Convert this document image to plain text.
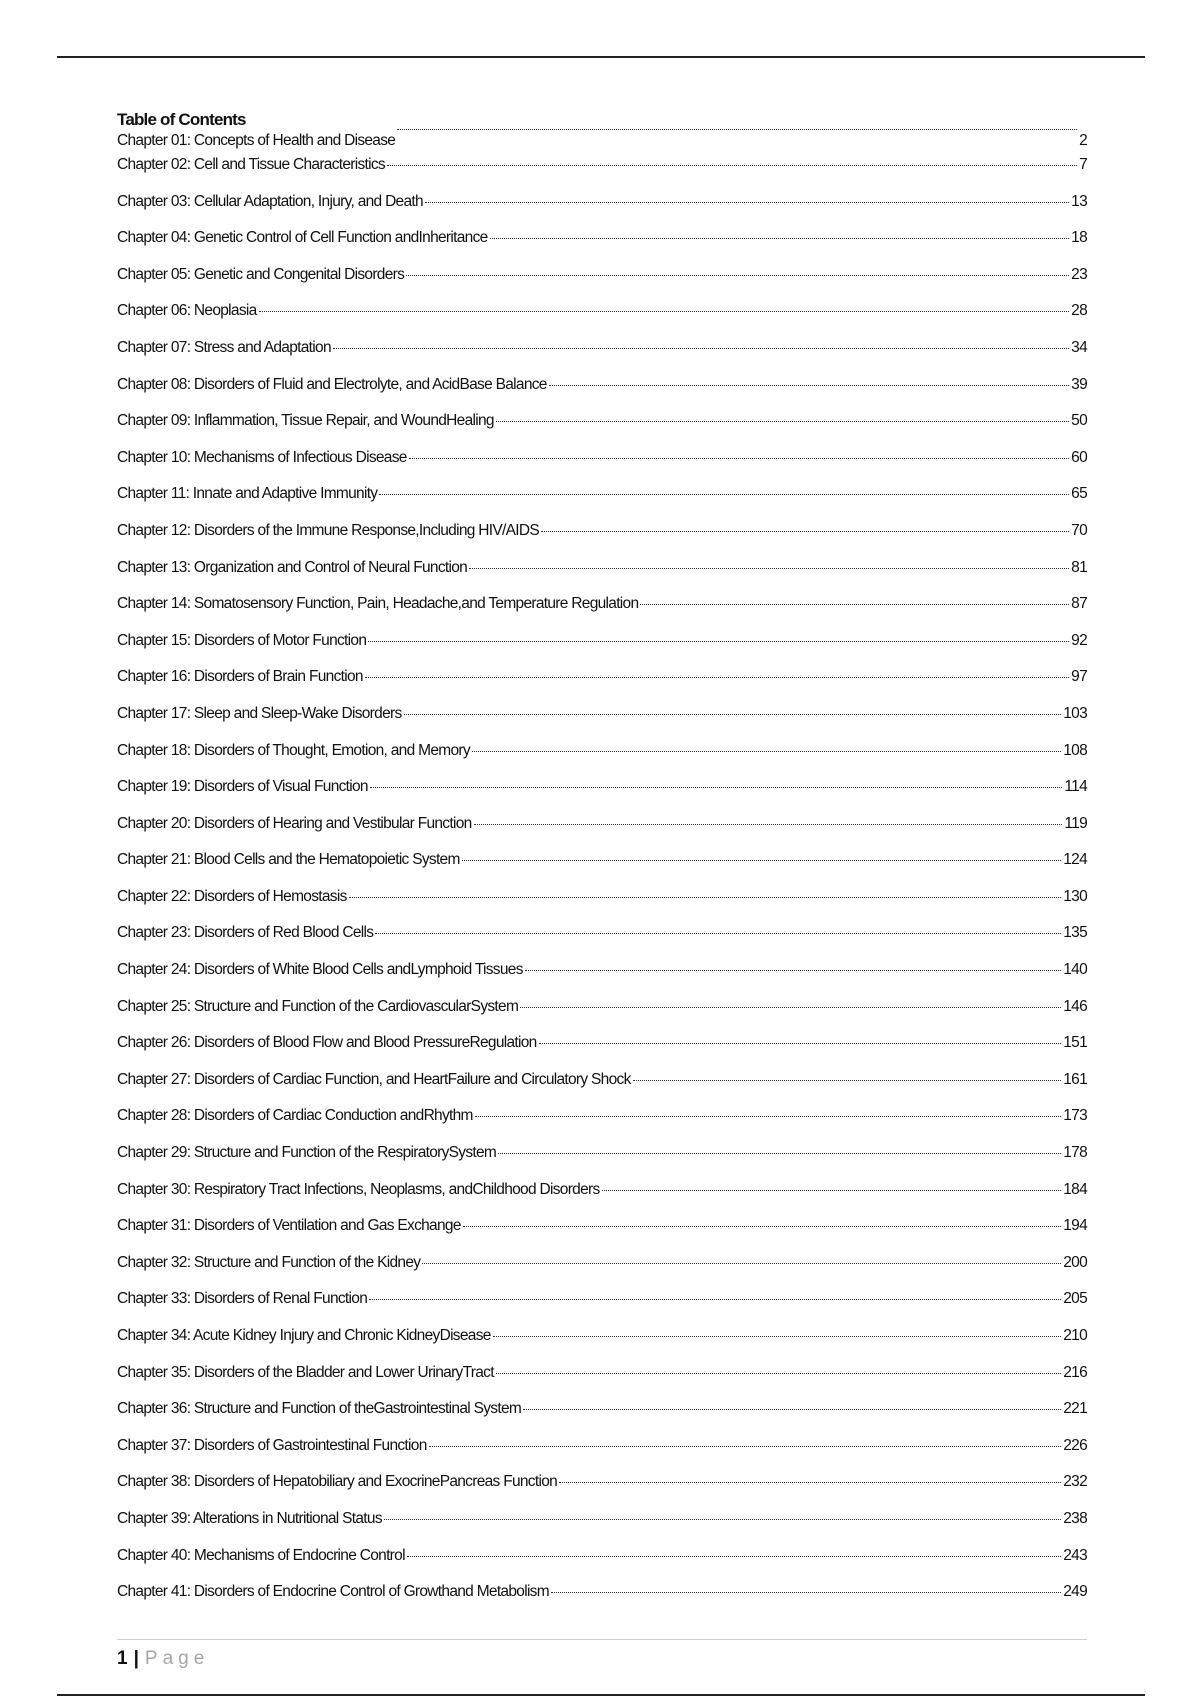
Table of Contents
Chapter 01: Concepts of Health and Disease	2
Chapter 02: Cell and Tissue Characteristics	7
Chapter 03: Cellular Adaptation, Injury, and Death	13
Chapter 04: Genetic Control of Cell Function andInheritance	18
Chapter 05: Genetic and Congenital Disorders	23
Chapter 06: Neoplasia	28
Chapter 07: Stress and Adaptation	34
Chapter 08: Disorders of Fluid and Electrolyte, and AcidBase Balance	39
Chapter 09: Inflammation, Tissue Repair, and WoundHealing	50
Chapter 10: Mechanisms of Infectious Disease	60
Chapter 11: Innate and Adaptive Immunity	65
Chapter 12: Disorders of the Immune Response,Including HIV/AIDS	70
Chapter 13: Organization and Control of Neural Function	81
Chapter 14: Somatosensory Function, Pain, Headache,and Temperature Regulation	87
Chapter 15: Disorders of Motor Function	92
Chapter 16: Disorders of Brain Function	97
Chapter 17: Sleep and Sleep-Wake Disorders	103
Chapter 18: Disorders of Thought, Emotion, and Memory	108
Chapter 19: Disorders of Visual Function	114
Chapter 20: Disorders of Hearing and Vestibular Function	119
Chapter 21: Blood Cells and the Hematopoietic System	124
Chapter 22: Disorders of Hemostasis	130
Chapter 23: Disorders of Red Blood Cells	135
Chapter 24: Disorders of White Blood Cells andLymphoid Tissues	140
Chapter 25: Structure and Function of the CardiovascularSystem	146
Chapter 26: Disorders of Blood Flow and Blood PressureRegulation	151
Chapter 27: Disorders of Cardiac Function, and HeartFailure and Circulatory Shock	161
Chapter 28: Disorders of Cardiac Conduction andRhythm	173
Chapter 29: Structure and Function of the RespiratorySystem	178
Chapter 30: Respiratory Tract Infections, Neoplasms, andChildhood Disorders	184
Chapter 31: Disorders of Ventilation and Gas Exchange	194
Chapter 32: Structure and Function of the Kidney	200
Chapter 33: Disorders of Renal Function	205
Chapter 34: Acute Kidney Injury and Chronic KidneyDisease	210
Chapter 35: Disorders of the Bladder and Lower UrinaryTract	216
Chapter 36: Structure and Function of theGastrointestinal System	221
Chapter 37: Disorders of Gastrointestinal Function	226
Chapter 38: Disorders of Hepatobiliary and ExocrinePancreas Function	232
Chapter 39: Alterations in Nutritional Status	238
Chapter 40: Mechanisms of Endocrine Control	243
Chapter 41: Disorders of Endocrine Control of Growthand Metabolism	249
1 | Page
